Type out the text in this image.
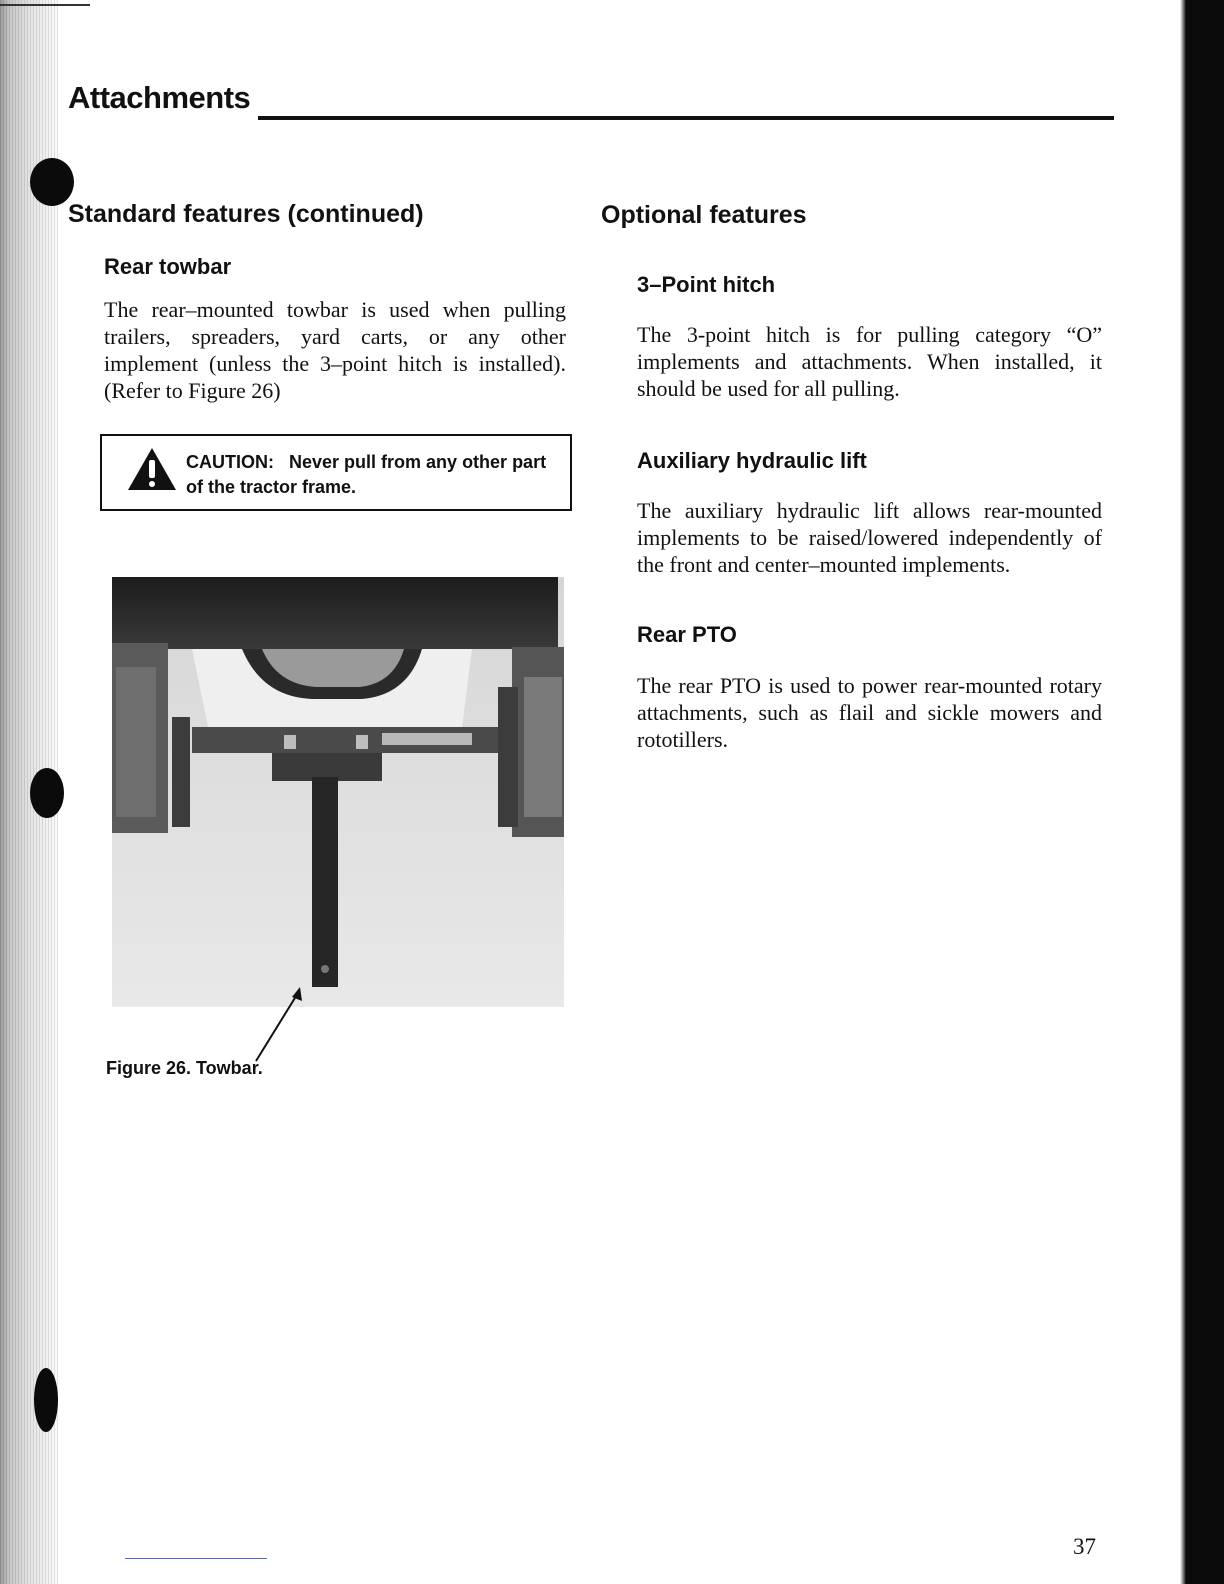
Attachments
Standard features (continued)
Rear towbar

The rear–mounted towbar is used when pulling trailers, spreaders, yard carts, or any other implement (unless the 3–point hitch is installed). (Refer to Figure 26)

CAUTION: Never pull from any other part of the tractor frame.

Figure 26. Towbar.

Optional features
3–Point hitch

The 3-point hitch is for pulling category “O” implements and attachments. When installed, it should be used for all pulling.

Auxiliary hydraulic lift

The auxiliary hydraulic lift allows rear-mounted implements to be raised/lowered independently of the front and center–mounted implements.

Rear PTO

The rear PTO is used to power rear-mounted rotary attachments, such as flail and sickle mowers and rototillers.

37
